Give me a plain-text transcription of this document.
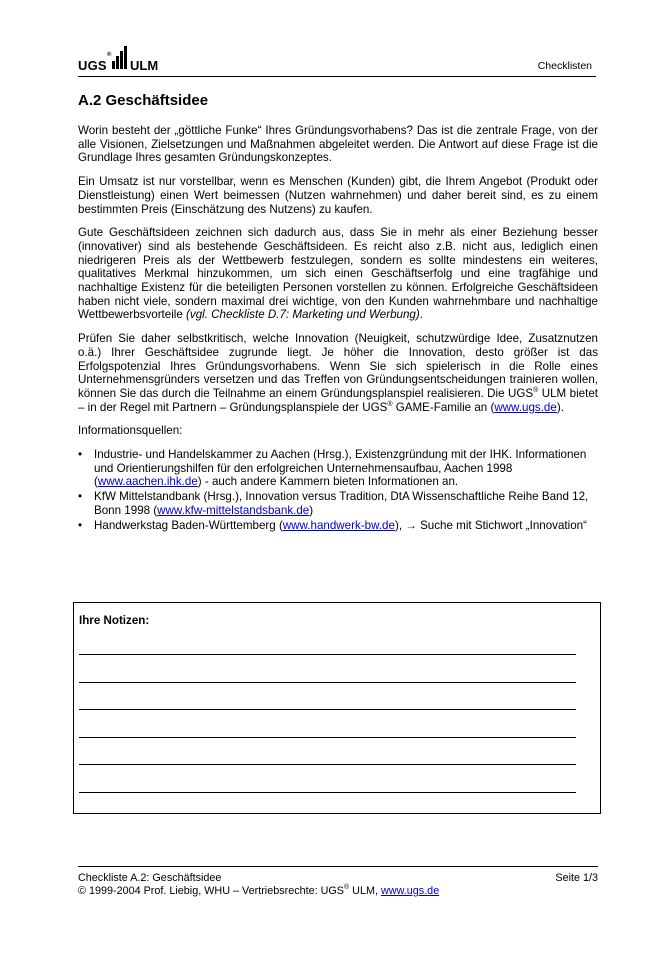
UGS
®
ULM	Checklisten
A.2 Geschäftsidee

Worin besteht der „göttliche Funke“ Ihres Gründungsvorhabens? Das ist die zentrale Frage, von der alle Visionen, Zielsetzungen und Maßnahmen abgeleitet werden. Die Antwort auf diese Frage ist die Grundlage Ihres gesamten Gründungskonzeptes.

Ein Umsatz ist nur vorstellbar, wenn es Menschen (Kunden) gibt, die Ihrem Angebot (Produkt oder Dienstleistung) einen Wert beimessen (Nutzen wahrnehmen) und daher bereit sind, es zu einem bestimmten Preis (Einschätzung des Nutzens) zu kaufen.

Gute Geschäftsideen zeichnen sich dadurch aus, dass Sie in mehr als einer Beziehung besser (innovativer) sind als bestehende Geschäftsideen. Es reicht also z.B. nicht aus, lediglich einen niedrigeren Preis als der Wettbewerb festzulegen, sondern es sollte mindestens ein weiteres, qualitatives Merkmal hinzukommen, um sich einen Geschäftserfolg und eine tragfähige und nachhaltige Existenz für die beteiligten Personen vorstellen zu können. Erfolgreiche Geschäftsideen haben nicht viele, sondern maximal drei wichtige, von den Kunden wahrnehmbare und nachhaltige Wettbewerbsvorteile (vgl. Checkliste D.7: Marketing und Werbung).

Prüfen Sie daher selbstkritisch, welche Innovation (Neuigkeit, schutzwürdige Idee, Zusatznutzen o.ä.) Ihrer Geschäftsidee zugrunde liegt. Je höher die Innovation, desto größer ist das Erfolgspotenzial Ihres Gründungsvorhabens. Wenn Sie sich spielerisch in die Rolle eines Unternehmensgründers versetzen und das Treffen von Gründungsentscheidungen trainieren wollen, können Sie das durch die Teilnahme an einem Gründungsplanspiel realisieren. Die UGS® ULM bietet – in der Regel mit Partnern – Gründungsplanspiele der UGS® GAME-Familie an (www.ugs.de).

Informationsquellen:

• Industrie- und Handelskammer zu Aachen (Hrsg.), Existenzgründung mit der IHK. Informationen und Orientierungshilfen für den erfolgreichen Unternehmensaufbau, Aachen 1998 (www.aachen.ihk.de) - auch andere Kammern bieten Informationen an.
• KfW Mittelstandbank (Hrsg.), Innovation versus Tradition, DtA Wissenschaftliche Reihe Band 12, Bonn 1998 (www.kfw-mittelstandsbank.de)
• Handwerkstag Baden-Württemberg (www.handwerk-bw.de), → Suche mit Stichwort „Innovation“
Ihre Notizen:
Checkliste A.2: Geschäftsidee
© 1999-2004 Prof. Liebig, WHU – Vertriebsrechte: UGS® ULM, www.ugs.de
Seite 1/3
